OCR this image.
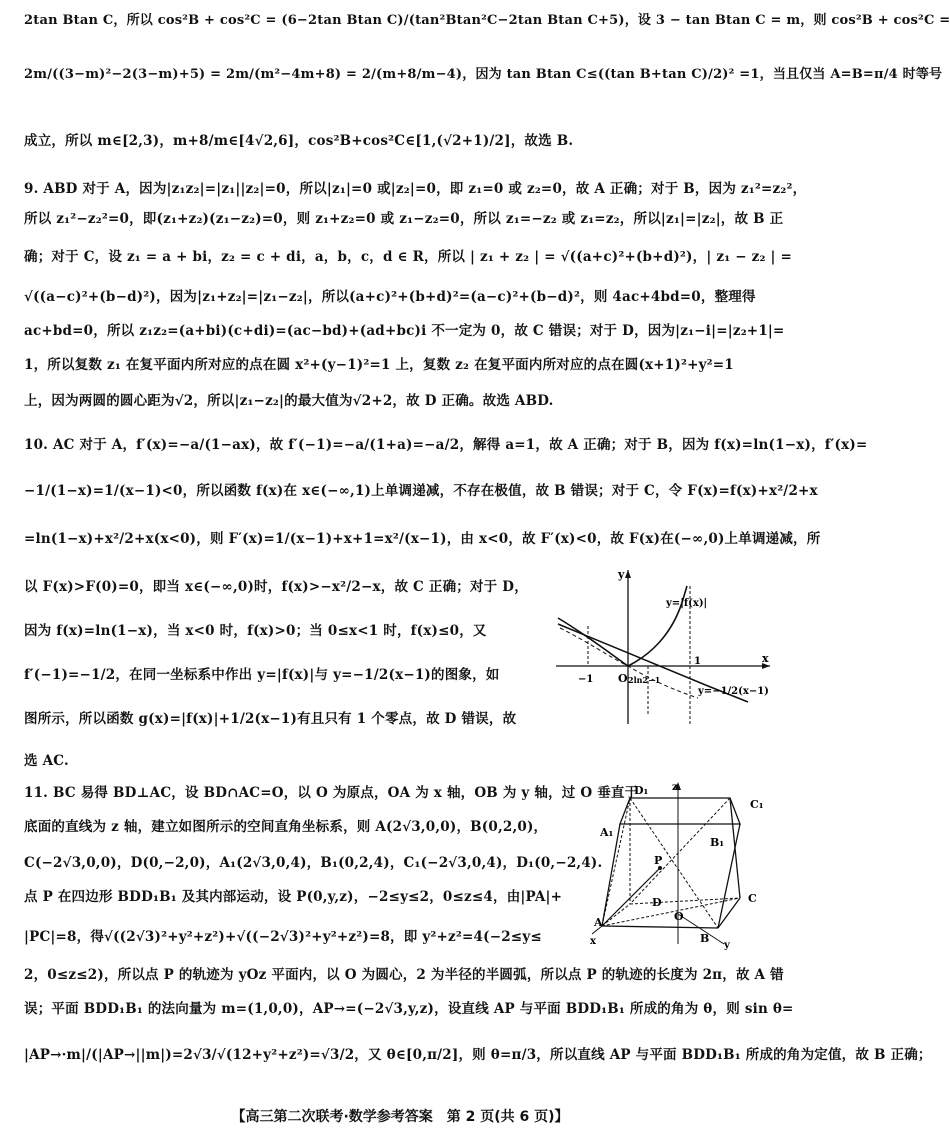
2tan Btan C，所以 cos²B + cos²C = (6−2tan Btan C)/(tan²Btan²C−2tan Btan C+5)，设 3 − tan Btan C = m，则 cos²B + cos²C =
2m/((3−m)²−2(3−m)+5) = 2m/(m²−4m+8) = 2/(m+8/m−4)，因为 tan Btan C≤((tan B+tan C)/2)² =1，当且仅当 A=B=π/4 时等号
成立，所以 m∈[2,3)，m+8/m∈[4√2,6]，cos²B+cos²C∈[1,(√2+1)/2]，故选 B.
9. ABD 对于 A，因为|z₁z₂|=|z₁||z₂|=0，所以|z₁|=0 或|z₂|=0，即 z₁=0 或 z₂=0，故 A 正确；对于 B，因为 z₁²=z₂²，
所以 z₁²−z₂²=0，即(z₁+z₂)(z₁−z₂)=0，则 z₁+z₂=0 或 z₁−z₂=0，所以 z₁=−z₂ 或 z₁=z₂，所以|z₁|=|z₂|，故 B 正
确；对于 C，设 z₁ = a + bi，z₂ = c + di，a，b，c，d ∈ R，所以 | z₁ + z₂ | = √((a+c)²+(b+d)²)，| z₁ − z₂ | =
√((a−c)²+(b−d)²)，因为|z₁+z₂|=|z₁−z₂|，所以(a+c)²+(b+d)²=(a−c)²+(b−d)²，则 4ac+4bd=0，整理得
ac+bd=0，所以 z₁z₂=(a+bi)(c+di)=(ac−bd)+(ad+bc)i 不一定为 0，故 C 错误；对于 D，因为|z₁−i|=|z₂+1|=
1，所以复数 z₁ 在复平面内所对应的点在圆 x²+(y−1)²=1 上，复数 z₂ 在复平面内所对应的点在圆(x+1)²+y²=1
上，因为两圆的圆心距为√2，所以|z₁−z₂|的最大值为√2+2，故 D 正确。故选 ABD.
10. AC 对于 A，f′(x)=−a/(1−ax)，故 f′(−1)=−a/(1+a)=−a/2，解得 a=1，故 A 正确；对于 B，因为 f(x)=ln(1−x)，f′(x)=
−1/(1−x)=1/(x−1)<0，所以函数 f(x)在 x∈(−∞,1)上单调递减，不存在极值，故 B 错误；对于 C，令 F(x)=f(x)+x²/2+x
=ln(1−x)+x²/2+x(x<0)，则 F′(x)=1/(x−1)+x+1=x²/(x−1)，由 x<0，故 F′(x)<0，故 F(x)在(−∞,0)上单调递减，所
以 F(x)>F(0)=0，即当 x∈(−∞,0)时，f(x)>−x²/2−x，故 C 正确；对于 D，
因为 f(x)=ln(1−x)，当 x<0 时，f(x)>0；当 0≤x<1 时，f(x)≤0，又
f′(−1)=−1/2，在同一坐标系中作出 y=|f(x)|与 y=−1/2(x−1)的图象，如
图所示，所以函数 g(x)=|f(x)|+1/2(x−1)有且只有 1 个零点，故 D 错误，故
选 AC.
11. BC 易得 BD⊥AC，设 BD∩AC=O，以 O 为原点，OA 为 x 轴，OB 为 y 轴，过 O 垂直于
底面的直线为 z 轴，建立如图所示的空间直角坐标系，则 A(2√3,0,0)，B(0,2,0)，
C(−2√3,0,0)，D(0,−2,0)，A₁(2√3,0,4)，B₁(0,2,4)，C₁(−2√3,0,4)，D₁(0,−2,4).
点 P 在四边形 BDD₁B₁ 及其内部运动，设 P(0,y,z)，−2≤y≤2，0≤z≤4，由|PA|+
|PC|=8，得√((2√3)²+y²+z²)+√((−2√3)²+y²+z²)=8，即 y²+z²=4(−2≤y≤
2，0≤z≤2)，所以点 P 的轨迹为 yOz 平面内，以 O 为圆心，2 为半径的半圆弧，所以点 P 的轨迹的长度为 2π，故 A 错
误；平面 BDD₁B₁ 的法向量为 m=(1,0,0)，AP→=(−2√3,y,z)，设直线 AP 与平面 BDD₁B₁ 所成的角为 θ，则 sin θ=
|AP→·m|/(|AP→||m|)=2√3/√(12+y²+z²)=√3/2，又 θ∈[0,π/2]，则 θ=π/3，所以直线 AP 与平面 BDD₁B₁ 所成的角为定值，故 B 正确；
y
x
O
−1
1
2ln2−1
y=|f(x)|
y=−1/2(x−1)
z
D₁
C₁
A₁
B₁
P
D
O
A
B
C
x	y
【高三第二次联考·数学参考答案　第 2 页(共 6 页)】
